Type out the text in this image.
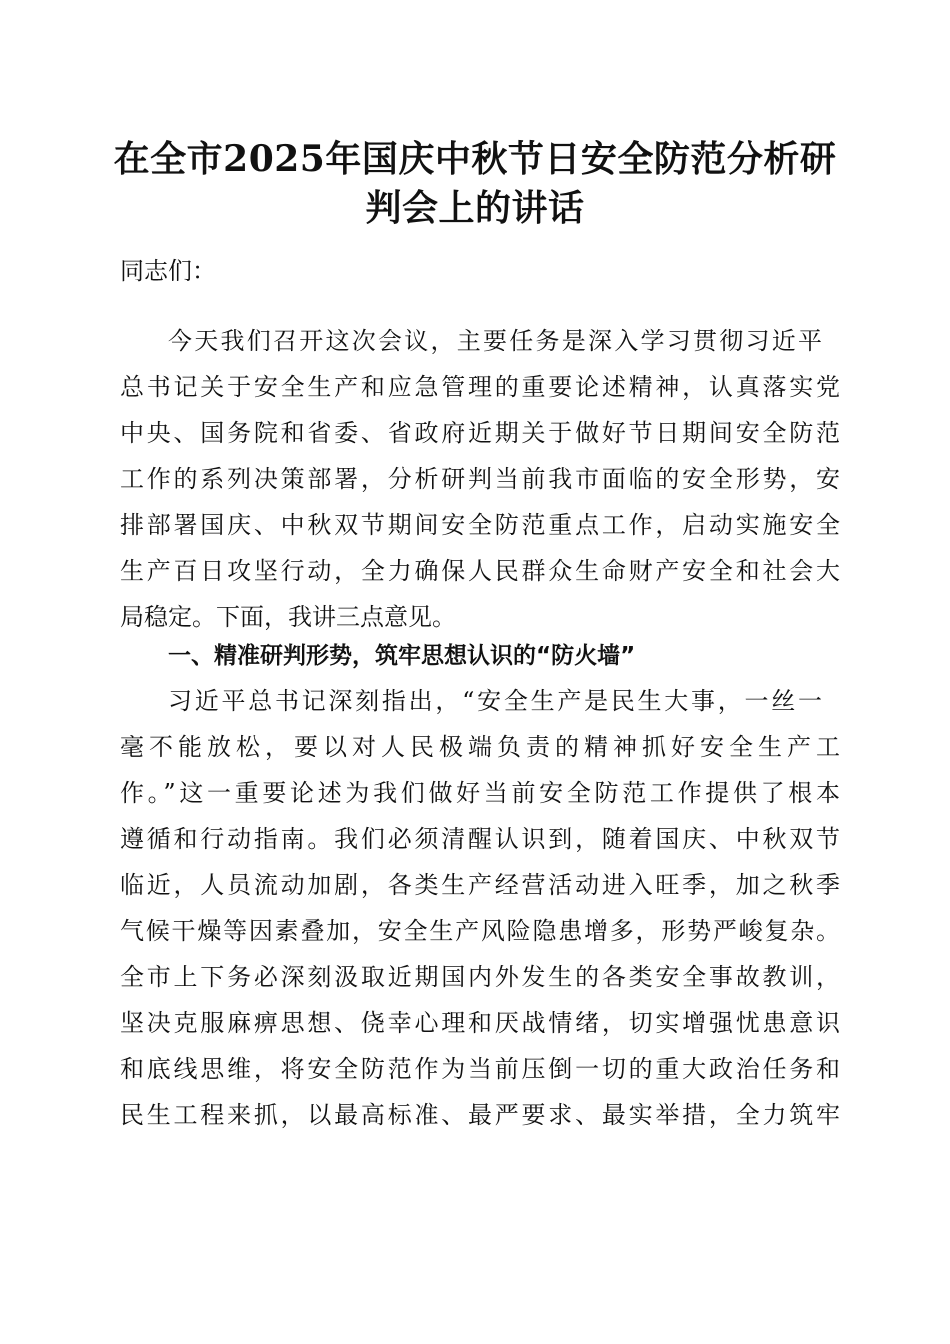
在全市2025年国庆中秋节日安全防范分析研
判会上的讲话
同志们：
今天我们召开这次会议，主要任务是深入学习贯彻习近平
总书记关于安全生产和应急管理的重要论述精神，认真落实党
中央、国务院和省委、省政府近期关于做好节日期间安全防范
工作的系列决策部署，分析研判当前我市面临的安全形势，安
排部署国庆、中秋双节期间安全防范重点工作，启动实施安全
生产百日攻坚行动，全力确保人民群众生命财产安全和社会大
局稳定。下面，我讲三点意见。
一、精准研判形势，筑牢思想认识的“防火墙”
习近平总书记深刻指出，“安全生产是民生大事，一丝一
毫不能放松，要以对人民极端负责的精神抓好安全生产工
作。”这一重要论述为我们做好当前安全防范工作提供了根本
遵循和行动指南。我们必须清醒认识到，随着国庆、中秋双节
临近，人员流动加剧，各类生产经营活动进入旺季，加之秋季
气候干燥等因素叠加，安全生产风险隐患增多，形势严峻复杂。
全市上下务必深刻汲取近期国内外发生的各类安全事故教训，
坚决克服麻痹思想、侥幸心理和厌战情绪，切实增强忧患意识
和底线思维，将安全防范作为当前压倒一切的重大政治任务和
民生工程来抓，以最高标准、最严要求、最实举措，全力筑牢
